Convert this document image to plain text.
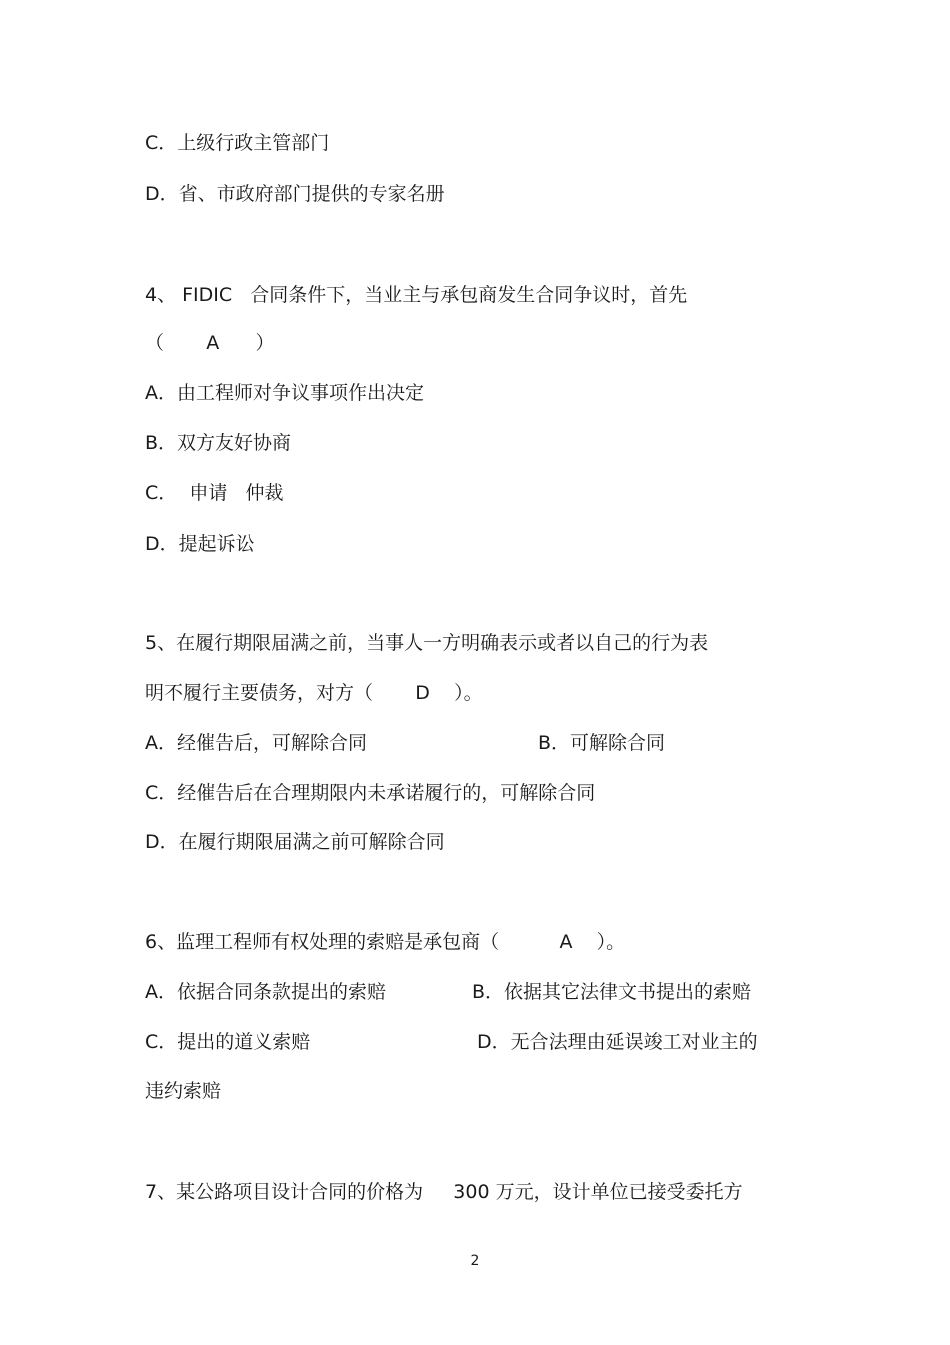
C．上级行政主管部门
D．省、市政府部门提供的专家名册
4、 FIDIC   合同条件下，当业主与承包商发生合同争议时，首先
（       A      ）
A．由工程师对争议事项作出决定
B．双方友好协商
C．  申请   仲裁
D．提起诉讼
5、在履行期限届满之前，当事人一方明确表示或者以自己的行为表
明不履行主要债务，对方（       D    ）。
A．经催告后，可解除合同	B．可解除合同
C．经催告后在合理期限内未承诺履行的，可解除合同
D．在履行期限届满之前可解除合同
6、监理工程师有权处理的索赔是承包商（          A    ）。
A．依据合同条款提出的索赔	B．依据其它法律文书提出的索赔
C．提出的道义索赔	D．无合法理由延误竣工对业主的
违约索赔
7、某公路项目设计合同的价格为     300 万元，设计单位已接受委托方
2
